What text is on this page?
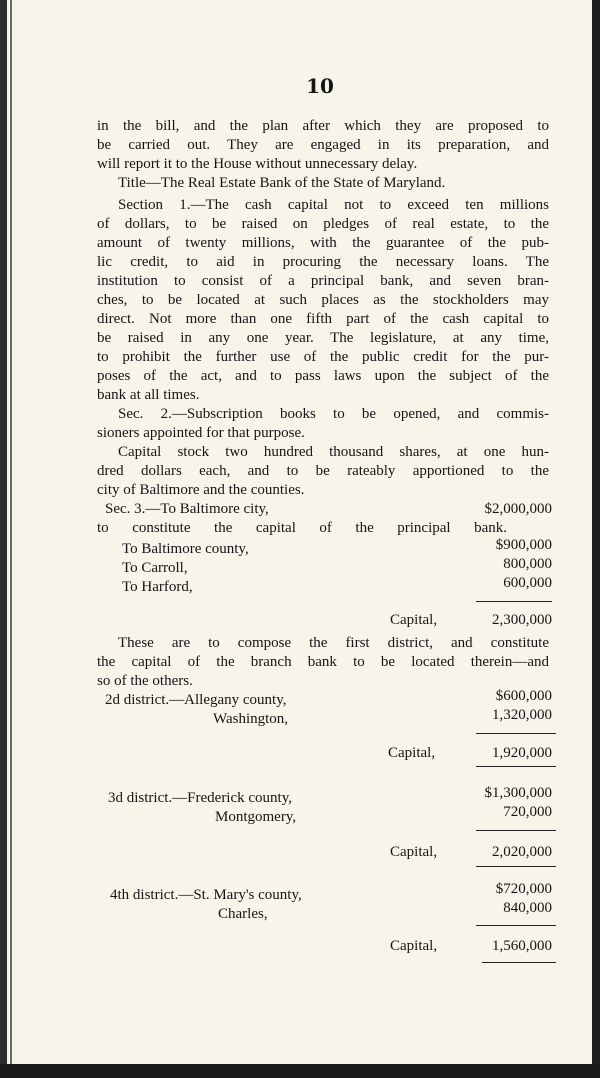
10
in the bill, and the plan after which they are proposed to
be carried out. They are engaged in its preparation, and
will report it to the House without unnecessary delay.
Title—The Real Estate Bank of the State of Maryland.
Section 1.—The cash capital not to exceed ten millions
of dollars, to be raised on pledges of real estate, to the
amount of twenty millions, with the guarantee of the pub-
lic credit, to aid in procuring the necessary loans. The
institution to consist of a principal bank, and seven bran-
ches, to be located at such places as the stockholders may
direct. Not more than one fifth part of the cash capital to
be raised in any one year. The legislature, at any time,
to prohibit the further use of the public credit for the pur-
poses of the act, and to pass laws upon the subject of the
bank at all times.
Sec. 2.—Subscription books to be opened, and commis-
sioners appointed for that purpose.
Capital stock two hundred thousand shares, at one hun-
dred dollars each, and to be rateably apportioned to the
city of Baltimore and the counties.
Sec. 3.—To Baltimore city,	$2,000,000
to constitute the capital of the principal bank.
To Baltimore county,	$900,000
To Carroll,	800,000
To Harford,	600,000
Capital,	2,300,000
These are to compose the first district, and constitute
the capital of the branch bank to be located therein—and
so of the others.
2d district.—Allegany county,	$600,000
Washington,	1,320,000
Capital,	1,920,000
3d district.—Frederick county,	$1,300,000
Montgomery,	720,000
Capital,	2,020,000
4th district.—St. Mary's county,	$720,000
Charles,	840,000
Capital,	1,560,000
